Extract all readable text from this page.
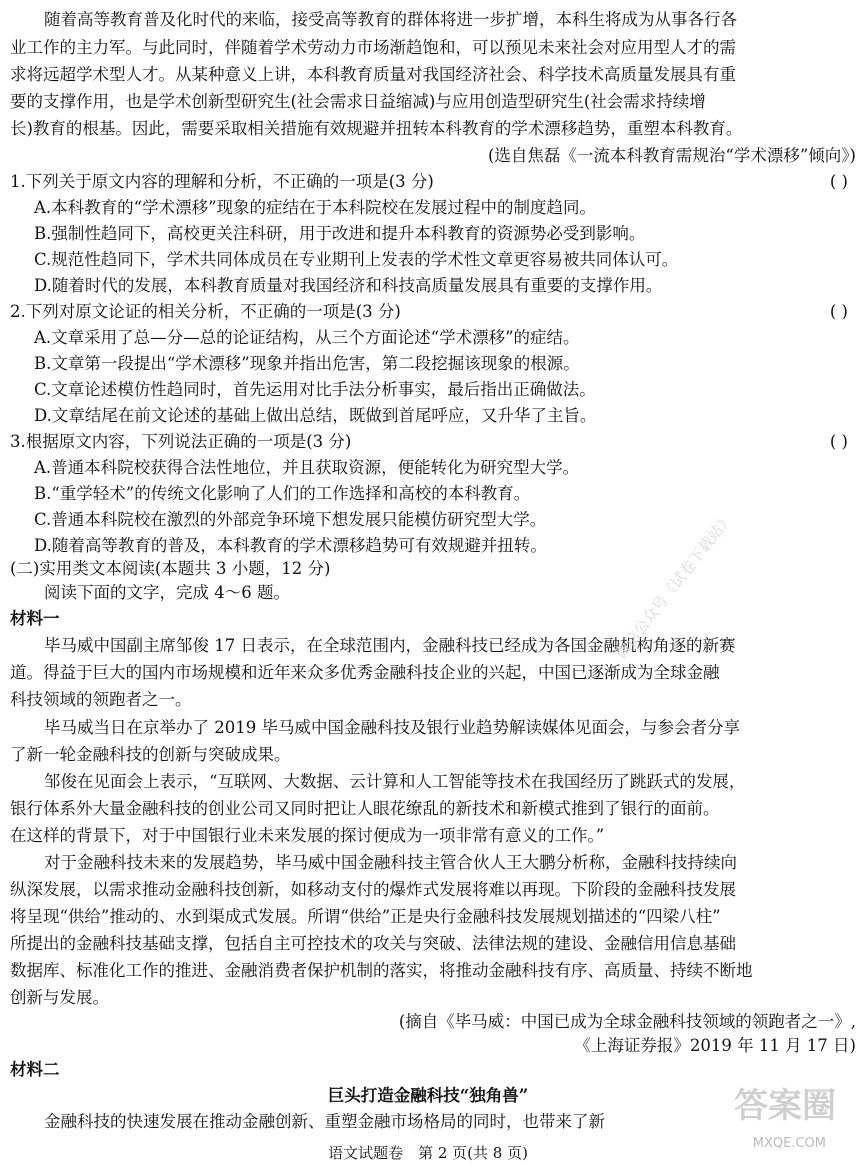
随着高等教育普及化时代的来临，接受高等教育的群体将进一步扩增，本科生将成为从事各行各
业工作的主力军。与此同时，伴随着学术劳动力市场渐趋饱和，可以预见未来社会对应用型人才的需
求将远超学术型人才。从某种意义上讲，本科教育质量对我国经济社会、科学技术高质量发展具有重
要的支撑作用，也是学术创新型研究生(社会需求日益缩减)与应用创造型研究生(社会需求持续增
长)教育的根基。因此，需要采取相关措施有效规避并扭转本科教育的学术漂移趋势，重塑本科教育。
(选自焦磊《一流本科教育需规治“学术漂移”倾向》)
1.下列关于原文内容的理解和分析，不正确的一项是(3 分)	( )
A.本科教育的“学术漂移”现象的症结在于本科院校在发展过程中的制度趋同。
B.强制性趋同下，高校更关注科研，用于改进和提升本科教育的资源势必受到影响。
C.规范性趋同下，学术共同体成员在专业期刊上发表的学术性文章更容易被共同体认可。
D.随着时代的发展，本科教育质量对我国经济和科技高质量发展具有重要的支撑作用。
2.下列对原文论证的相关分析，不正确的一项是(3 分)	( )
A.文章采用了总—分—总的论证结构，从三个方面论述“学术漂移”的症结。
B.文章第一段提出“学术漂移”现象并指出危害，第二段挖掘该现象的根源。
C.文章论述模仿性趋同时，首先运用对比手法分析事实，最后指出正确做法。
D.文章结尾在前文论述的基础上做出总结，既做到首尾呼应，又升华了主旨。
3.根据原文内容，下列说法正确的一项是(3 分)	( )
A.普通本科院校获得合法性地位，并且获取资源，便能转化为研究型大学。
B.“重学轻术”的传统文化影响了人们的工作选择和高校的本科教育。
C.普通本科院校在激烈的外部竞争环境下想发展只能模仿研究型大学。
D.随着高等教育的普及，本科教育的学术漂移趋势可有效规避并扭转。
(二)实用类文本阅读(本题共 3 小题，12 分)
阅读下面的文字，完成 4～6 题。
材料一
毕马威中国副主席邹俊 17 日表示，在全球范围内，金融科技已经成为各国金融机构角逐的新赛
道。得益于巨大的国内市场规模和近年来众多优秀金融科技企业的兴起，中国已逐渐成为全球金融
科技领域的领跑者之一。
毕马威当日在京举办了 2019 毕马威中国金融科技及银行业趋势解读媒体见面会，与参会者分享
了新一轮金融科技的创新与突破成果。
邹俊在见面会上表示，“互联网、大数据、云计算和人工智能等技术在我国经历了跳跃式的发展，
银行体系外大量金融科技的创业公司又同时把让人眼花缭乱的新技术和新模式推到了银行的面前。
在这样的背景下，对于中国银行业未来发展的探讨便成为一项非常有意义的工作。”
对于金融科技未来的发展趋势，毕马威中国金融科技主管合伙人王大鹏分析称，金融科技持续向
纵深发展，以需求推动金融科技创新，如移动支付的爆炸式发展将难以再现。下阶段的金融科技发展
将呈现“供给”推动的、水到渠成式发展。所谓“供给”正是央行金融科技发展规划描述的“四梁八柱”
所提出的金融科技基础支撑，包括自主可控技术的攻关与突破、法律法规的建设、金融信用信息基础
数据库、标准化工作的推进、金融消费者保护机制的落实，将推动金融科技有序、高质量、持续不断地
创新与发展。
(摘自《毕马威：中国已成为全球金融科技领域的领跑者之一》,
《上海证券报》2019 年 11 月 17 日)
材料二
巨头打造金融科技“独角兽”
金融科技的快速发展在推动金融创新、重塑金融市场格局的同时，也带来了新
语文试题卷　第 2 页(共 8 页)
微信公众号《试卷下载站》
答案圈
MXQE.COM
